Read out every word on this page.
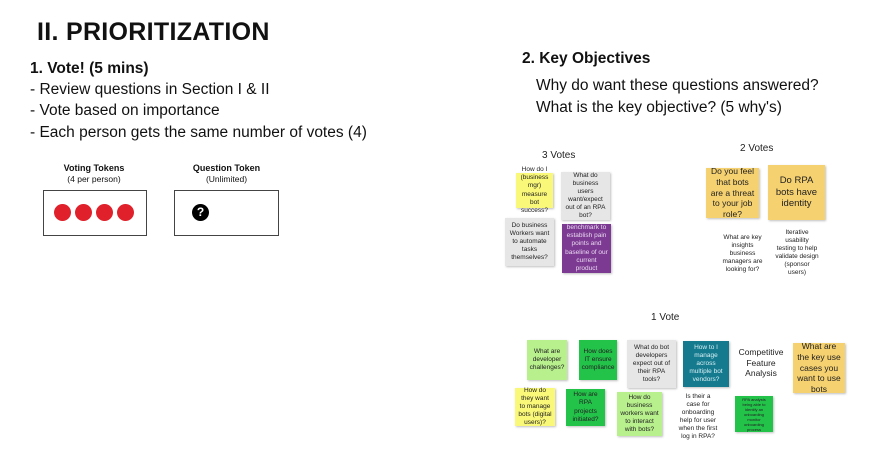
II. PRIORITIZATION
1. Vote! (5 mins)
- Review questions in Section I & II
- Vote based on importance
- Each person gets the same number of votes (4)
Voting Tokens
(4 per person)
Question Token
(Unlimited)
?
2. Key Objectives
Why do want these questions answered?
What is the key objective? (5 why's)
3 Votes
2 Votes
1 Vote
How do I (business mgr) measure bot success?
What do business users want/expect out of an RPA bot?
Do business Workers want to automate tasks themselves?
benchmark to establish pain points and baseline of our current product
Do you feel that bots are a threat to your job role?
Do RPA bots have identity
What are key insights business managers are looking for?
Iterative usability testing to help validate design (sponsor users)
What are developer challenges?
How does IT ensure compliance
What do bot developers expect out of their RPA tools?
How to I manage across multiple bot vendors?
Competitive Feature Analysis
What are the key use cases you want to use bots
How do they want to manage bots (digital users)?
How are RPA projects initiated?
How do business workers want to interact with bots?
Is their a case for onboarding help for user when the first log in RPA?
RPA analysts being able to identify an onboarding monitor onboarding process
